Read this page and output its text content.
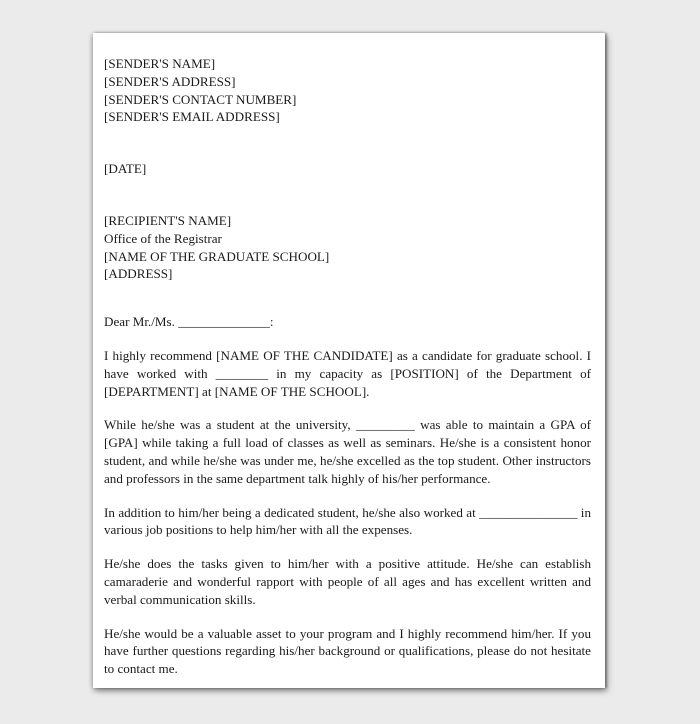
[SENDER'S NAME]
[SENDER'S ADDRESS]
[SENDER'S CONTACT NUMBER]
[SENDER'S EMAIL ADDRESS]
[DATE]
[RECIPIENT'S NAME]
Office of the Registrar
[NAME OF THE GRADUATE SCHOOL]
[ADDRESS]
Dear Mr./Ms. ______________:

I highly recommend [NAME OF THE CANDIDATE] as a candidate for graduate school. I have worked with ________ in my capacity as [POSITION] of the Department of [DEPARTMENT] at [NAME OF THE SCHOOL].

While he/she was a student at the university, _________ was able to maintain a GPA of [GPA] while taking a full load of classes as well as seminars. He/she is a consistent honor student, and while he/she was under me, he/she excelled as the top student. Other instructors and professors in the same department talk highly of his/her performance.

In addition to him/her being a dedicated student, he/she also worked at _______________ in various job positions to help him/her with all the expenses.

He/she does the tasks given to him/her with a positive attitude. He/she can establish camaraderie and wonderful rapport with people of all ages and has excellent written and verbal communication skills.

He/she would be a valuable asset to your program and I highly recommend him/her. If you have further questions regarding his/her background or qualifications, please do not hesitate to contact me.
